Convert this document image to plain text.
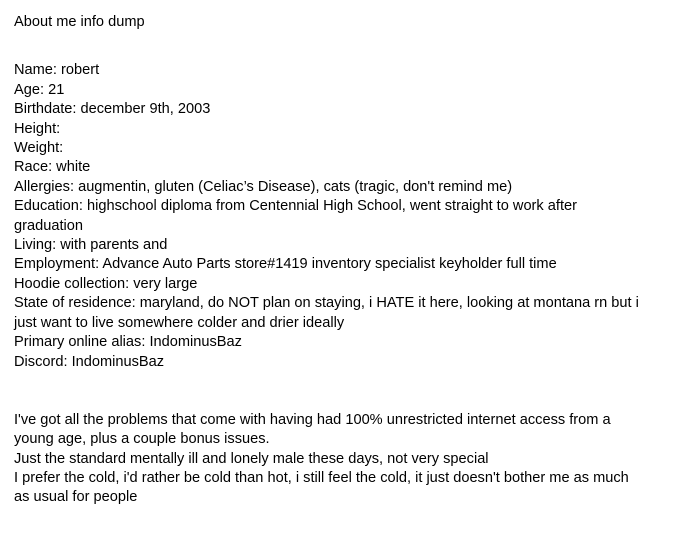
About me info dump
Name: robert
Age: 21
Birthdate: december 9th, 2003
Height:
Weight:
Race: white
Allergies: augmentin, gluten (Celiac’s Disease), cats (tragic, don't remind me)
Education: highschool diploma from Centennial High School, went straight to work after graduation
Living: with parents and
Employment: Advance Auto Parts store#1419 inventory specialist keyholder full time
Hoodie collection: very large
State of residence: maryland, do NOT plan on staying, i HATE it here, looking at montana rn but i just want to live somewhere colder and drier ideally
Primary online alias: IndominusBaz
Discord: IndominusBaz
I've got all the problems that come with having had 100% unrestricted internet access from a young age, plus a couple bonus issues.
Just the standard mentally ill and lonely male these days, not very special
I prefer the cold, i'd rather be cold than hot, i still feel the cold, it just doesn't bother me as much as usual for people
